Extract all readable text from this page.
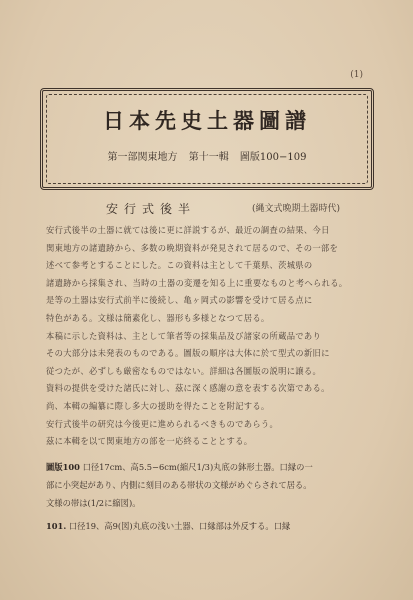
(1)
日本先史土器圖譜
第一部関東地方 第十一輯 圖版100−109
安行式後半	(縄文式晩期土器時代)
安行式後半の土器に就ては後に更に詳説するが、最近の調査の結果、今日
関東地方の諸遺跡から、多数の晩期資料が発見されて居るので、その一部を
述べて参考とすることにした。この資料は主として千葉県、茨城県の
諸遺跡から採集され、当時の土器の変遷を知る上に重要なものと考へられる。
是等の土器は安行式前半に後続し、亀ヶ岡式の影響を受けて居る点に
特色がある。文様は簡素化し、器形も多様となつて居る。
本稿に示した資料は、主として筆者等の採集品及び諸家の所蔵品であり
その大部分は未発表のものである。圖版の順序は大体に於て型式の新旧に
従つたが、必ずしも厳密なものではない。詳細は各圖版の説明に譲る。
資料の提供を受けた諸氏に対し、茲に深く感謝の意を表する次第である。
尚、本輯の編纂に際し多大の援助を得たことを附記する。
安行式後半の研究は今後更に進められるべきものであらう。
茲に本輯を以て関東地方の部を一応終ることとする。
圖版100 口径17cm、高5.5−6cm(縮尺1/3)丸底の鉢形土器。口縁の一
部に小突起があり、内側に刻目のある帯状の文様がめぐらされて居る。
文様の帯は(1/2に縮図)。
101. 口径19、高9(図)丸底の浅い土器、口縁部は外反する。口縁
